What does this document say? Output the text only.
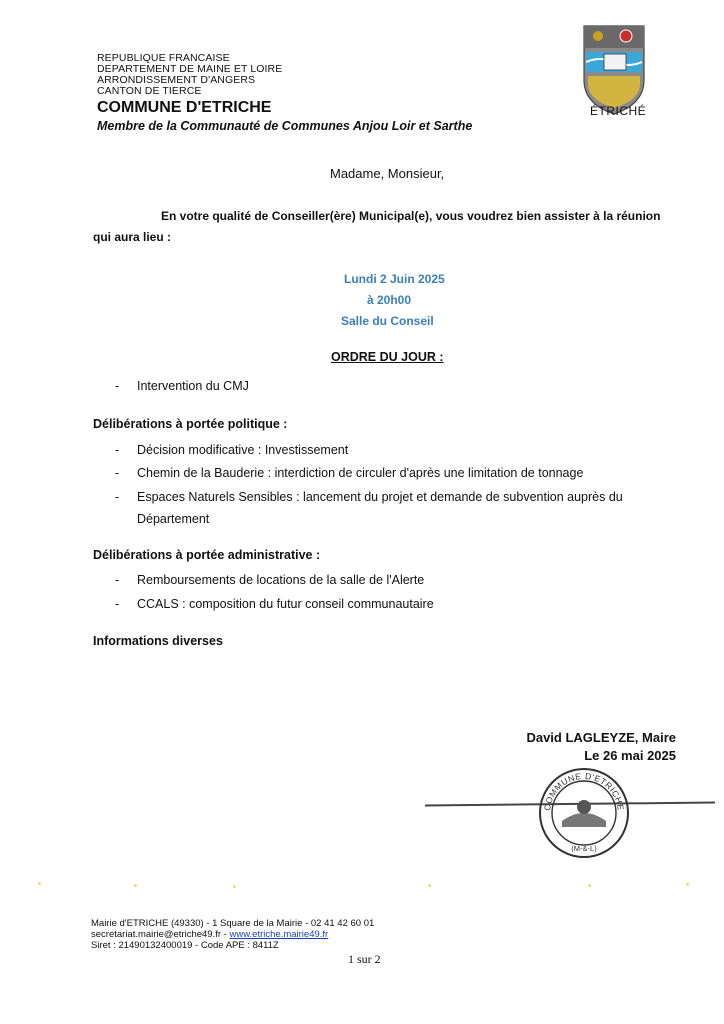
REPUBLIQUE FRANCAISE
DEPARTEMENT DE MAINE ET LOIRE
ARRONDISSEMENT D'ANGERS
CANTON DE TIERCE
COMMUNE D'ETRICHE
Membre de la Communauté de Communes Anjou Loir et Sarthe
ÉTRICHÉ
Madame, Monsieur,
En votre qualité de Conseiller(ère) Municipal(e), vous voudrez bien assister à la réunion
qui aura lieu :
Lundi 2 Juin 2025
à 20h00
Salle du Conseil
ORDRE DU JOUR :
- Intervention du CMJ
Délibérations à portée politique :
- Décision modificative : Investissement
- Chemin de la Bauderie : interdiction de circuler d'après une limitation de tonnage
- Espaces Naturels Sensibles : lancement du projet et demande de subvention auprès du
Département
Délibérations à portée administrative :
- Remboursements de locations de la salle de l'Alerte
- CCALS : composition du futur conseil communautaire
Informations diverses
David LAGLEYZE, Maire
Le 26 mai 2025
COMMUNE D'ETRICHE
(M-&-L)
Mairie d'ETRICHE (49330) - 1 Square de la Mairie - 02 41 42 60 01
secretariat.mairie@etriche49.fr - www.etriche.mairie49.fr
Siret : 21490132400019 - Code APE : 8411Z
1 sur 2
